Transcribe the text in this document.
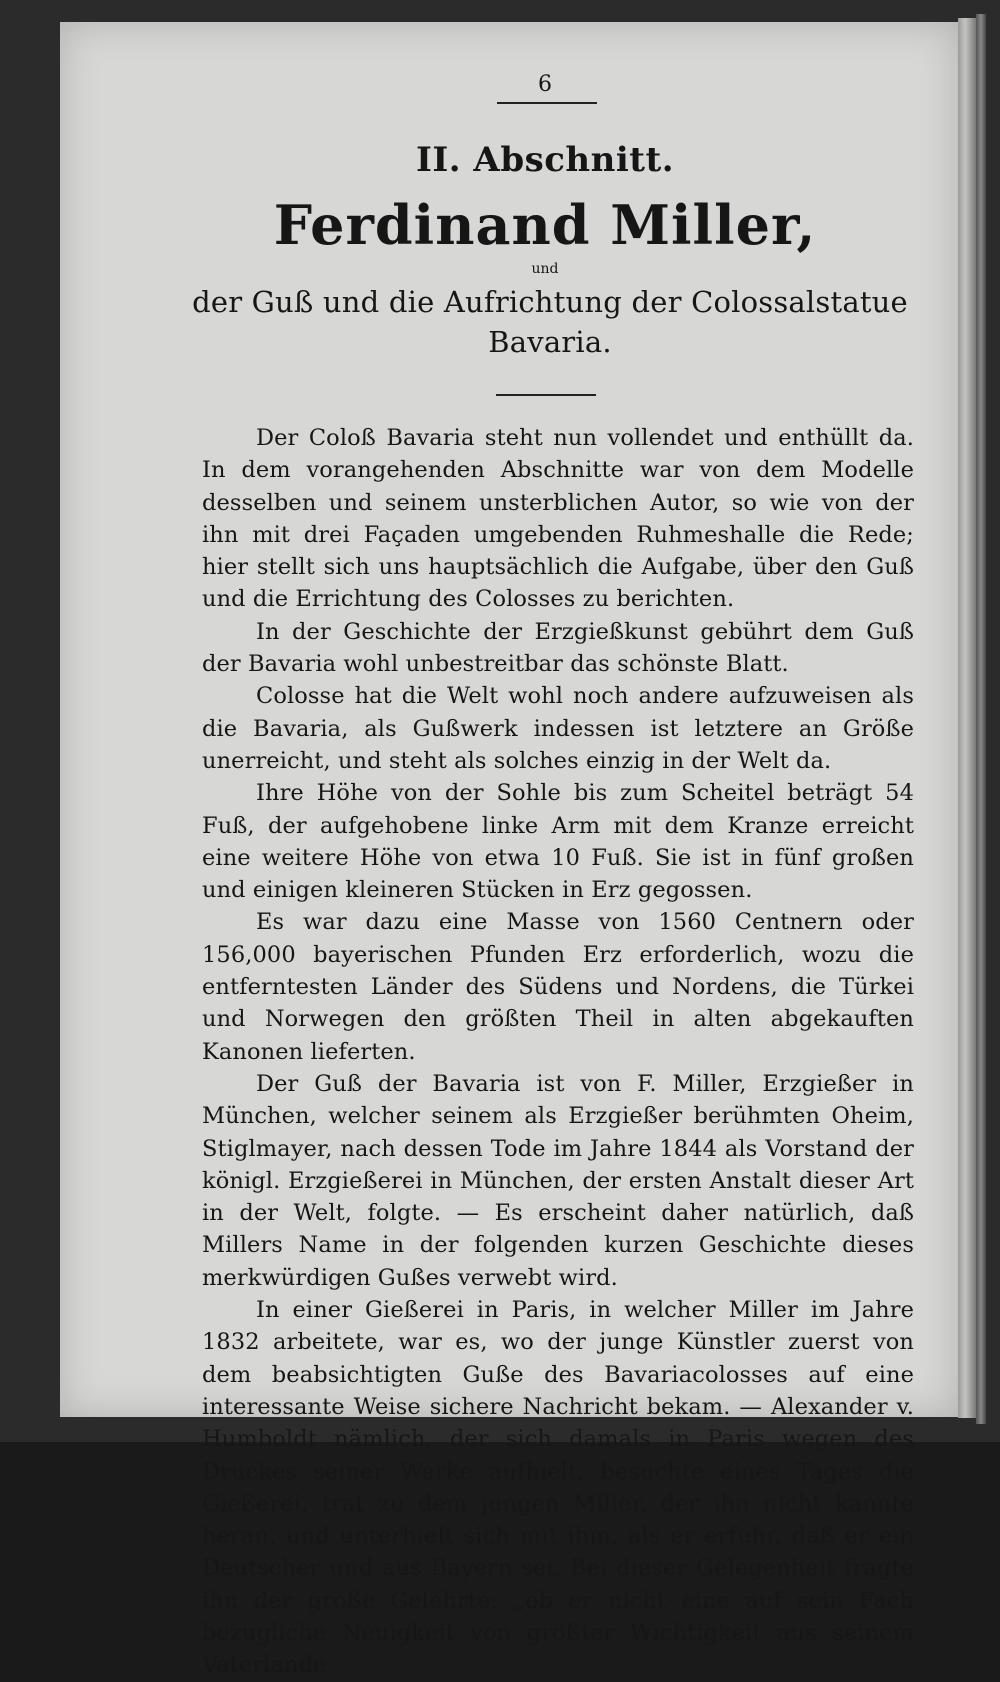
6
II. Abschnitt.
Ferdinand Miller,
und
der Guß und die Aufrichtung der Colossalstatue Bavaria.

Der Coloß Bavaria steht nun vollendet und enthüllt da. In dem vorangehenden Abschnitte war von dem Modelle desselben und seinem unsterblichen Autor, so wie von der ihn mit drei Façaden umgebenden Ruhmeshalle die Rede; hier stellt sich uns hauptsächlich die Aufgabe, über den Guß und die Errichtung des Colosses zu berichten.

In der Geschichte der Erzgießkunst gebührt dem Guß der Bavaria wohl unbestreitbar das schönste Blatt.

Colosse hat die Welt wohl noch andere aufzuweisen als die Bavaria, als Gußwerk indessen ist letztere an Größe unerreicht, und steht als solches einzig in der Welt da.

Ihre Höhe von der Sohle bis zum Scheitel beträgt 54 Fuß, der aufgehobene linke Arm mit dem Kranze erreicht eine weitere Höhe von etwa 10 Fuß. Sie ist in fünf großen und einigen kleineren Stücken in Erz gegossen.

Es war dazu eine Masse von 1560 Centnern oder 156,000 bayerischen Pfunden Erz erforderlich, wozu die entferntesten Länder des Südens und Nordens, die Türkei und Norwegen den größten Theil in alten abgekauften Kanonen lieferten.

Der Guß der Bavaria ist von F. Miller, Erzgießer in München, welcher seinem als Erzgießer berühmten Oheim, Stiglmayer, nach dessen Tode im Jahre 1844 als Vorstand der königl. Erzgießerei in München, der ersten Anstalt dieser Art in der Welt, folgte. — Es erscheint daher natürlich, daß Millers Name in der folgenden kurzen Geschichte dieses merkwürdigen Gußes verwebt wird.

In einer Gießerei in Paris, in welcher Miller im Jahre 1832 arbeitete, war es, wo der junge Künstler zuerst von dem beabsichtigten Guße des Bavariacolosses auf eine interessante Weise sichere Nachricht bekam. — Alexander v. Humboldt nämlich, der sich damals in Paris wegen des Druckes seiner Werke aufhielt, besuchte eines Tages die Gießerei, trat zu dem jungen Miller, der ihn nicht kannte heran, und unterhielt sich mit ihm, als er erfuhr, daß er ein Deutscher und aus Bayern sei. Bei dieser Gelegenheit fragte ihn der große Gelehrte: „ob er nicht eine auf sein Fach bezügliche Neuigkeit von größter Wichtigkeit aus seinem Vaterlande
